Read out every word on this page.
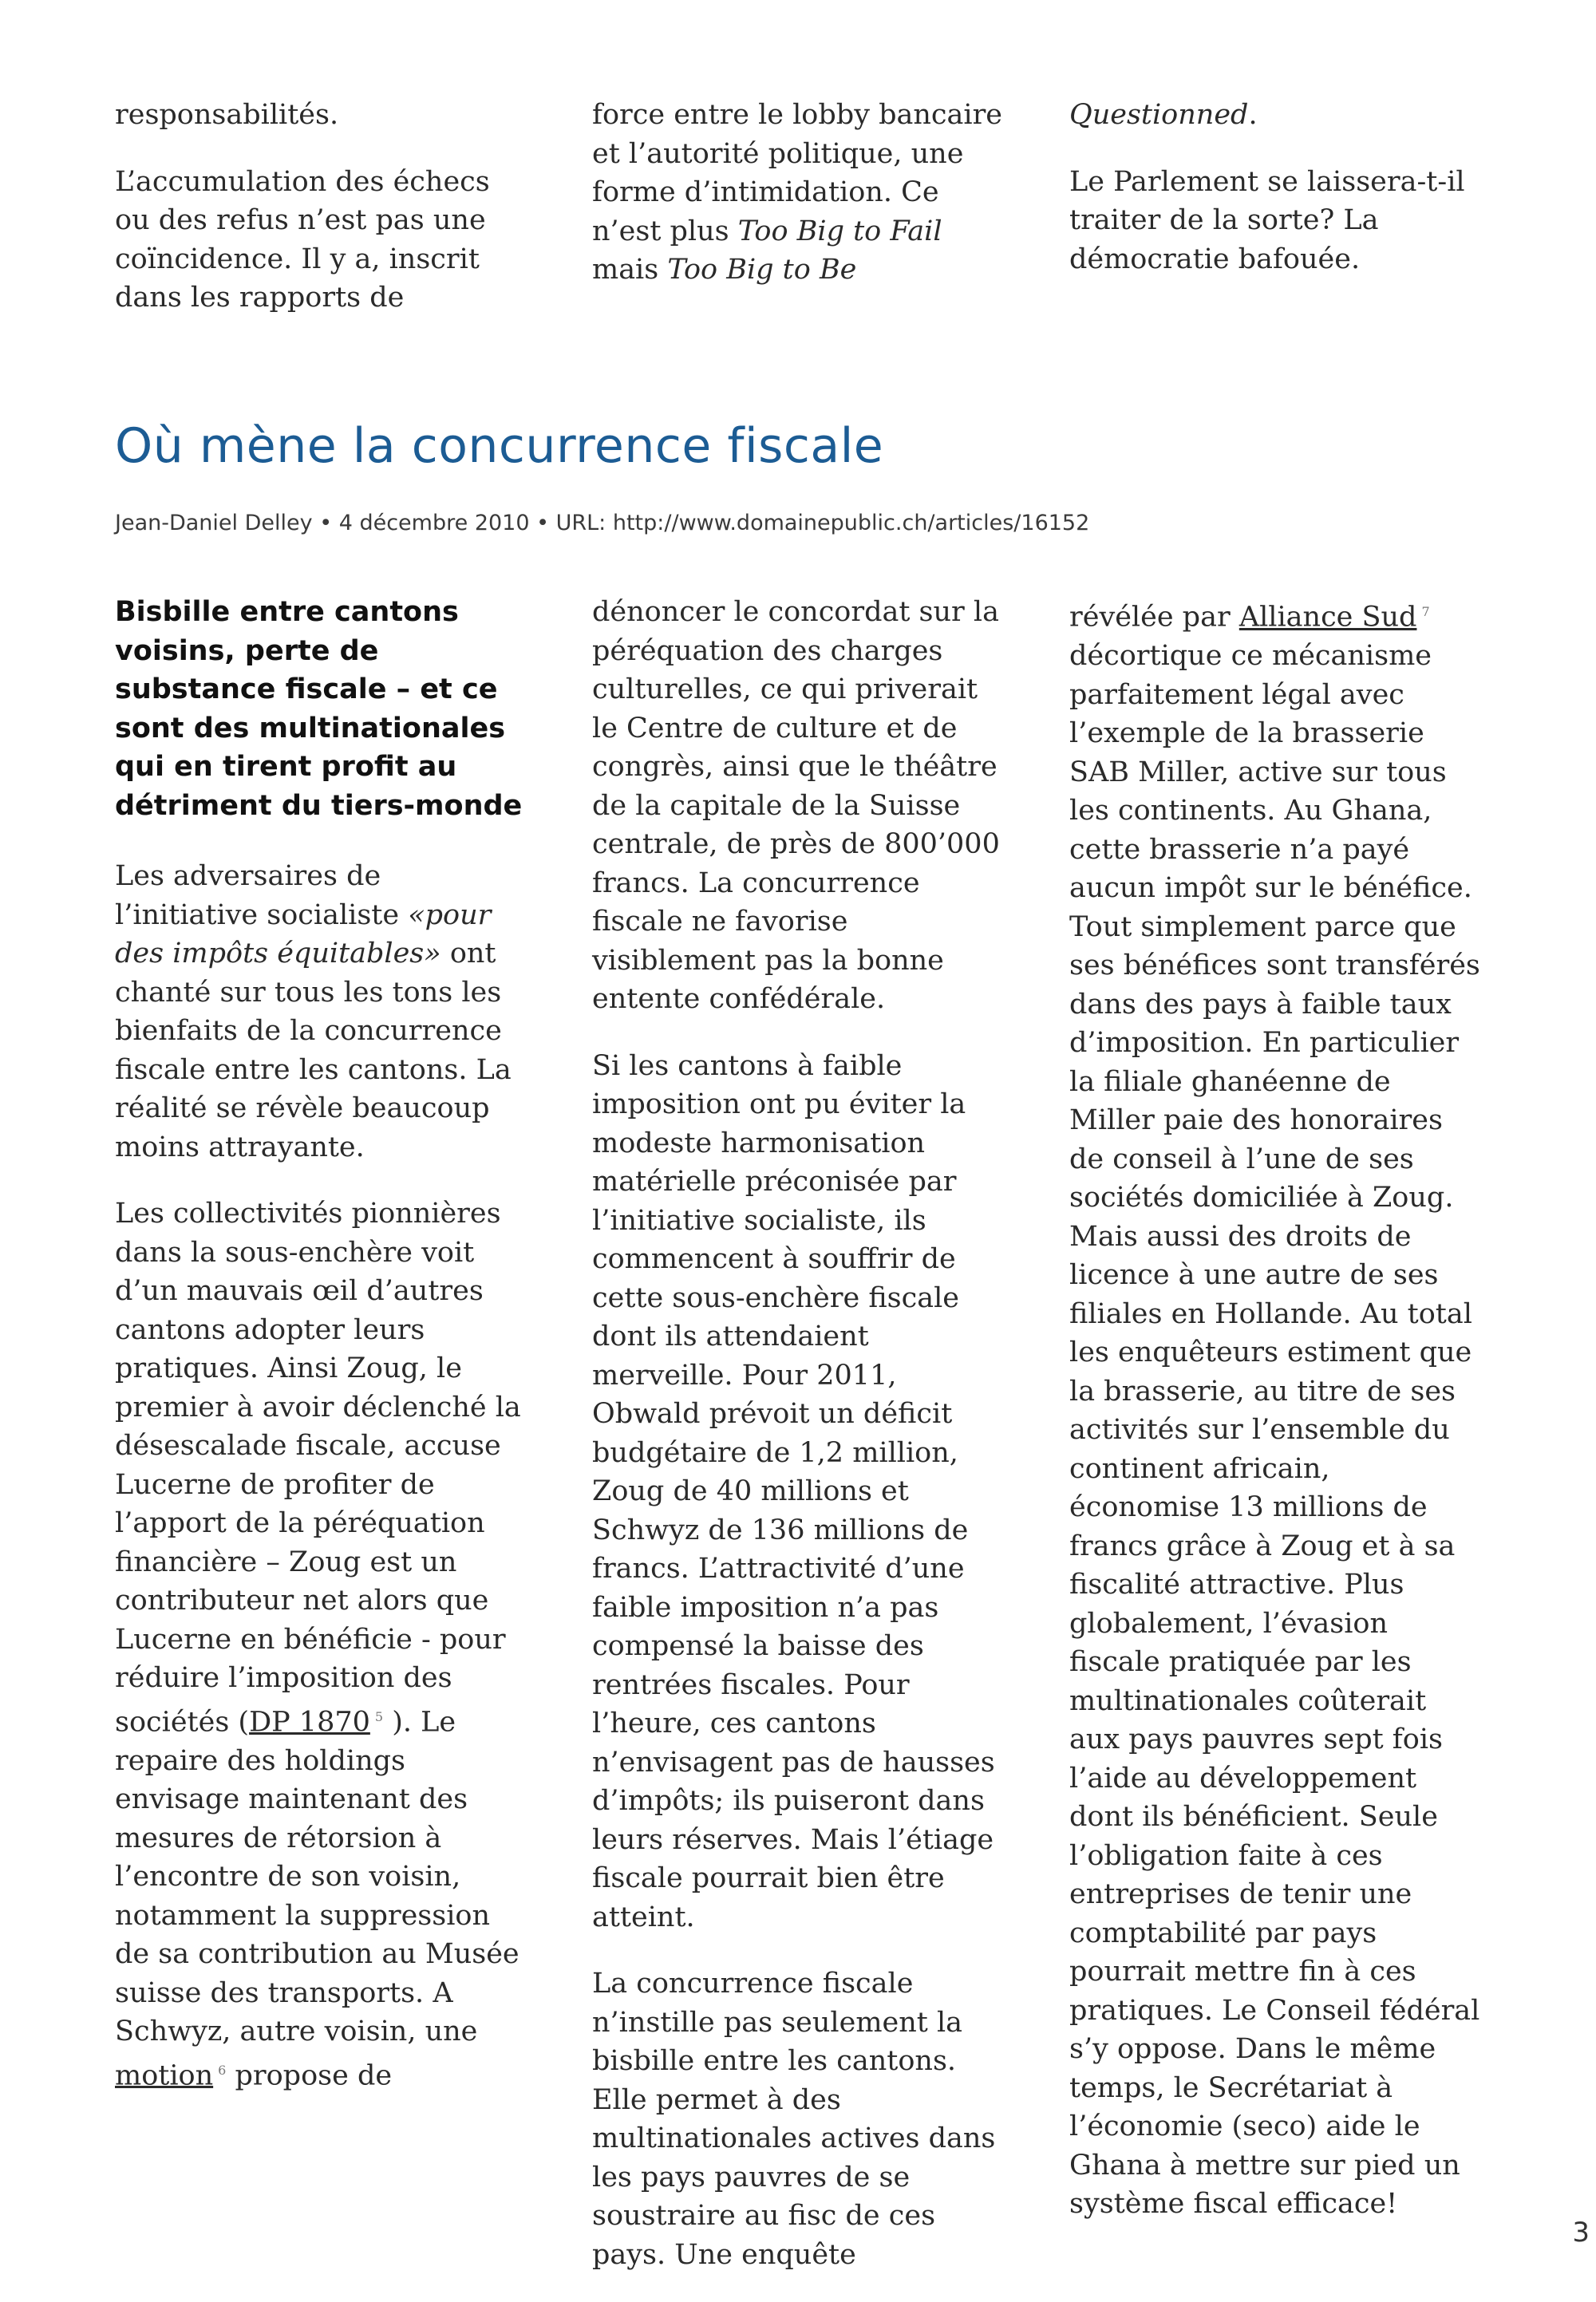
responsabilités.

L’accumulation des échecs ou des refus n’est pas une coïncidence. Il y a, inscrit dans les rapports de

force entre le lobby bancaire et l’autorité politique, une forme d’intimidation. Ce n’est plus Too Big to Fail mais Too Big to Be

Questionned.

Le Parlement se laissera-t-il traiter de la sorte? La démocratie bafouée.

Où mène la concurrence fiscale

Jean-Daniel Delley • 4 décembre 2010 • URL: http://www.domainepublic.ch/articles/16152

Bisbille entre cantons voisins, perte de substance fiscale – et ce sont des multinationales qui en tirent profit au détriment du tiers-monde

Les adversaires de l’initiative socialiste «pour des impôts équitables» ont chanté sur tous les tons les bienfaits de la concurrence fiscale entre les cantons. La réalité se révèle beaucoup moins attrayante.

Les collectivités pionnières dans la sous-enchère voit d’un mauvais œil d’autres cantons adopter leurs pratiques. Ainsi Zoug, le premier à avoir déclenché la désescalade fiscale, accuse Lucerne de profiter de l’apport de la péréquation financière – Zoug est un contributeur net alors que Lucerne en bénéficie - pour réduire l’imposition des sociétés (DP 1870 $^5$ ). Le repaire des holdings envisage maintenant des mesures de rétorsion à l’encontre de son voisin, notamment la suppression de sa contribution au Musée suisse des transports. A Schwyz, autre voisin, une motion $^6$ propose de

dénoncer le concordat sur la péréquation des charges culturelles, ce qui priverait le Centre de culture et de congrès, ainsi que le théâtre de la capitale de la Suisse centrale, de près de 800’000 francs. La concurrence fiscale ne favorise visiblement pas la bonne entente confédérale.

Si les cantons à faible imposition ont pu éviter la modeste harmonisation matérielle préconisée par l’initiative socialiste, ils commencent à souffrir de cette sous-enchère fiscale dont ils attendaient merveille. Pour 2011, Obwald prévoit un déficit budgétaire de 1,2 million, Zoug de 40 millions et Schwyz de 136 millions de francs. L’attractivité d’une faible imposition n’a pas compensé la baisse des rentrées fiscales. Pour l’heure, ces cantons n’envisagent pas de hausses d’impôts; ils puiseront dans leurs réserves. Mais l’étiage fiscale pourrait bien être atteint.

La concurrence fiscale n’instille pas seulement la bisbille entre les cantons. Elle permet à des multinationales actives dans les pays pauvres de se soustraire au fisc de ces pays. Une enquête

révélée par Alliance Sud $^7$ décortique ce mécanisme parfaitement légal avec l’exemple de la brasserie SAB Miller, active sur tous les continents. Au Ghana, cette brasserie n’a payé aucun impôt sur le bénéfice. Tout simplement parce que ses bénéfices sont transférés dans des pays à faible taux d’imposition. En particulier la filiale ghanéenne de Miller paie des honoraires de conseil à l’une de ses sociétés domiciliée à Zoug. Mais aussi des droits de licence à une autre de ses filiales en Hollande. Au total les enquêteurs estiment que la brasserie, au titre de ses activités sur l’ensemble du continent africain, économise 13 millions de francs grâce à Zoug et à sa fiscalité attractive. Plus globalement, l’évasion fiscale pratiquée par les multinationales coûterait aux pays pauvres sept fois l’aide au développement dont ils bénéficient. Seule l’obligation faite à ces entreprises de tenir une comptabilité par pays pourrait mettre fin à ces pratiques. Le Conseil fédéral s’y oppose. Dans le même temps, le Secrétariat à l’économie (seco) aide le Ghana à mettre sur pied un système fiscal efficace!

3
